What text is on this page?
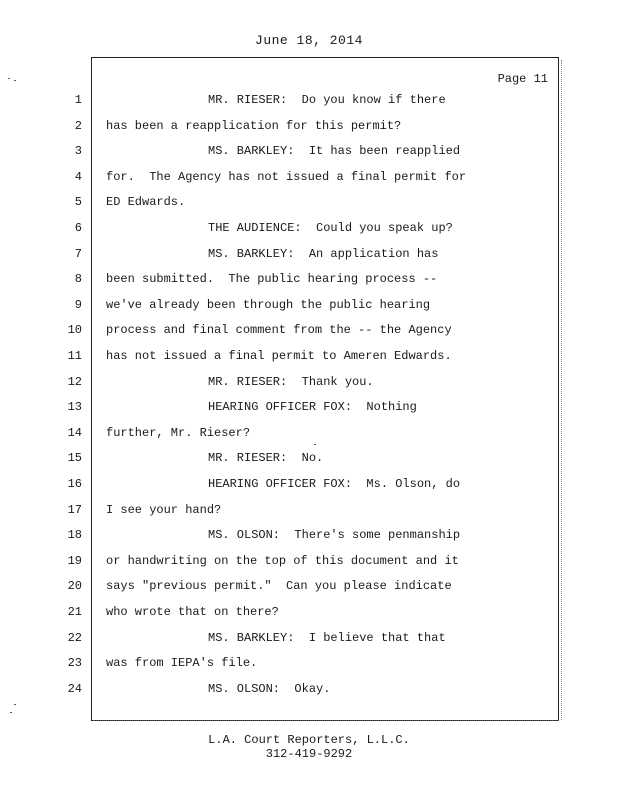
June 18, 2014
Page 11
1	MR. RIESER:  Do you know if there
2 has been a reapplication for this permit?
3	MS. BARKLEY:  It has been reapplied
4 for.  The Agency has not issued a final permit for
5 ED Edwards.
6	THE AUDIENCE:  Could you speak up?
7	MS. BARKLEY:  An application has
8 been submitted.  The public hearing process --
9 we've already been through the public hearing
10 process and final comment from the -- the Agency
11 has not issued a final permit to Ameren Edwards.
12	MR. RIESER:  Thank you.
13	HEARING OFFICER FOX:  Nothing
14 further, Mr. Rieser?
15	MR. RIESER:  No.
16	HEARING OFFICER FOX:  Ms. Olson, do
17 I see your hand?
18	MS. OLSON:  There's some penmanship
19 or handwriting on the top of this document and it
20 says "previous permit."  Can you please indicate
21 who wrote that on there?
22	MS. BARKLEY:  I believe that that
23 was from IEPA's file.
24	MS. OLSON:  Okay.
L.A. Court Reporters, L.L.C.
312-419-9292
